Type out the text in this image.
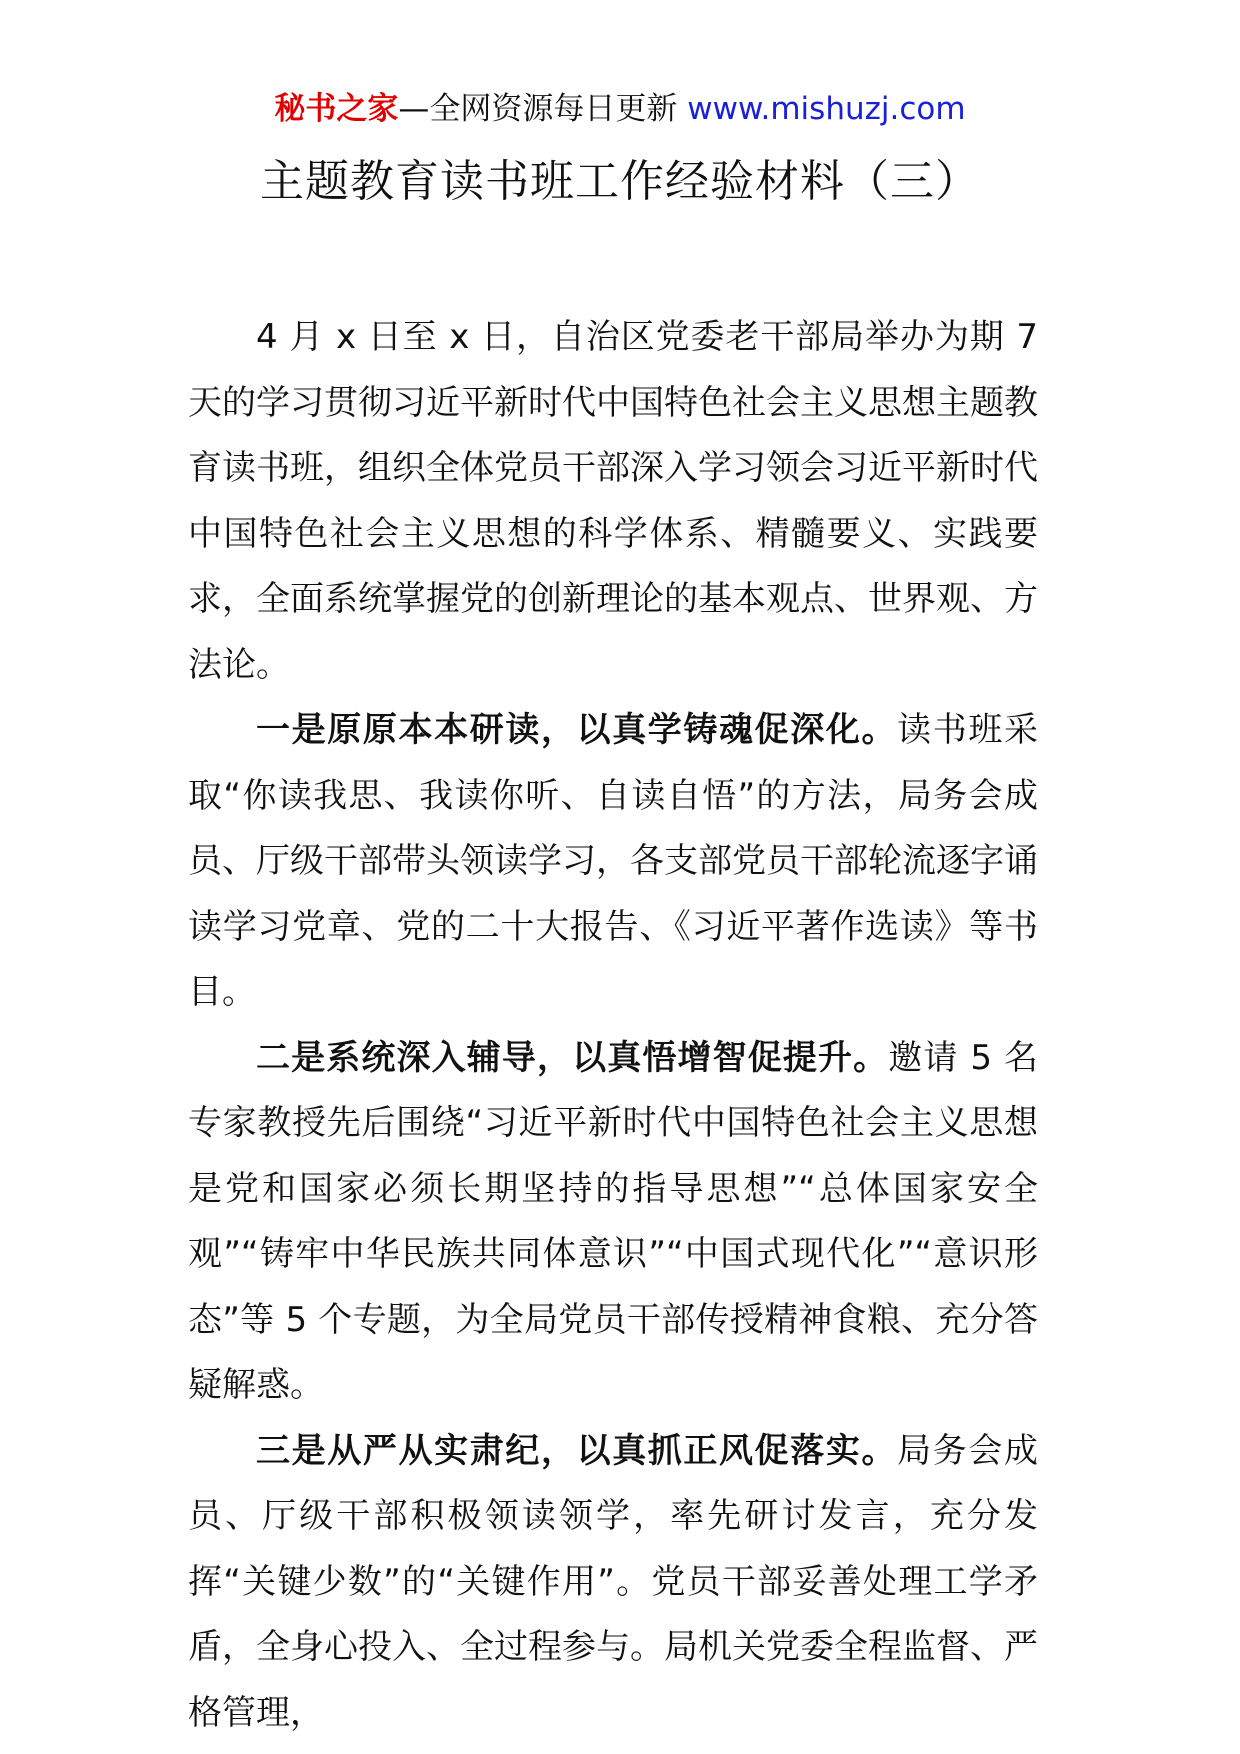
秘书之家—全网资源每日更新 www.mishuzj.com
主题教育读书班工作经验材料（三）

4 月 x 日至 x 日，自治区党委老干部局举办为期 7 天的学习贯彻习近平新时代中国特色社会主义思想主题教育读书班，组织全体党员干部深入学习领会习近平新时代中国特色社会主义思想的科学体系、精髓要义、实践要求，全面系统掌握党的创新理论的基本观点、世界观、方法论。

一是原原本本研读，以真学铸魂促深化。读书班采取“你读我思、我读你听、自读自悟”的方法，局务会成员、厅级干部带头领读学习，各支部党员干部轮流逐字诵读学习党章、党的二十大报告、《习近平著作选读》等书目。

二是系统深入辅导，以真悟增智促提升。邀请 5 名专家教授先后围绕“习近平新时代中国特色社会主义思想是党和国家必须长期坚持的指导思想”“总体国家安全观”“铸牢中华民族共同体意识”“中国式现代化”“意识形态”等 5 个专题，为全局党员干部传授精神食粮、充分答疑解惑。

三是从严从实肃纪，以真抓正风促落实。局务会成员、厅级干部积极领读领学，率先研讨发言，充分发挥“关键少数”的“关键作用”。党员干部妥善处理工学矛盾，全身心投入、全过程参与。局机关党委全程监督、严格管理，
